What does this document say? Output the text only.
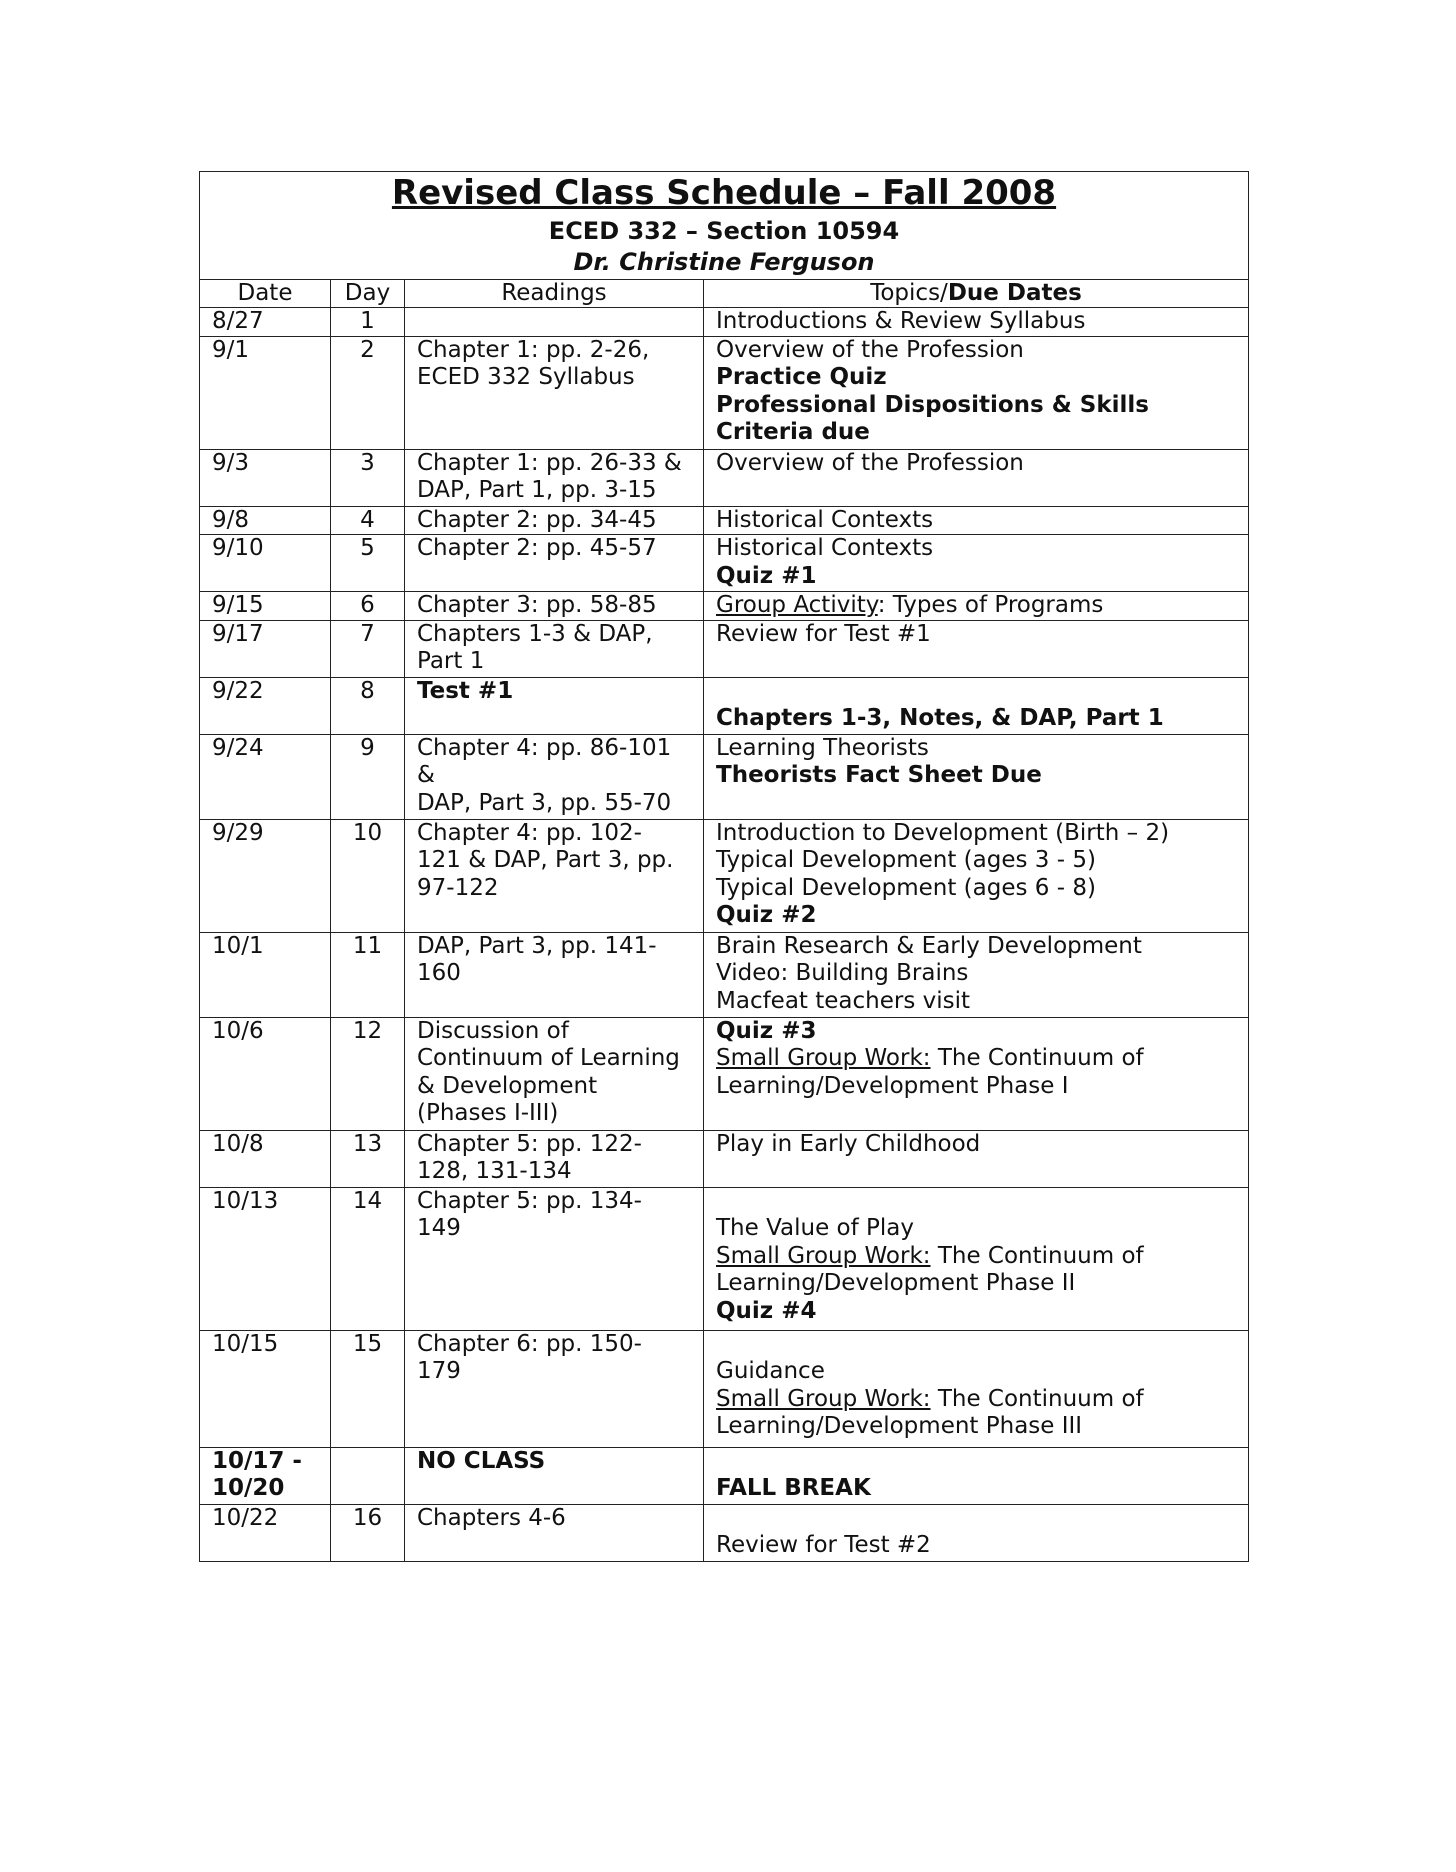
Revised Class Schedule – Fall 2008
ECED 332 – Section 10594
Dr. Christine Ferguson			

Date	Day	Readings	Topics/Due Dates

8/27	1		Introductions & Review Syllabus

9/1	2	Chapter 1: pp. 2-26,
ECED 332 Syllabus	Overview of the Profession
Practice Quiz
Professional Dispositions & Skills
Criteria due

9/3	3	Chapter 1: pp. 26-33 &
DAP, Part 1, pp. 3-15	Overview of the Profession

9/8	4	Chapter 2: pp. 34-45	Historical Contexts

9/10	5	Chapter 2: pp. 45-57	Historical Contexts
Quiz #1

9/15	6	Chapter 3: pp. 58-85	Group Activity: Types of Programs

9/17	7	Chapters 1-3 & DAP,
Part 1	Review for Test #1

9/22	8	Test #1	Chapters 1-3, Notes, & DAP, Part 1

9/24	9	Chapter 4: pp. 86-101
&
DAP, Part 3, pp. 55-70	Learning Theorists
Theorists Fact Sheet Due

9/29	10	Chapter 4: pp. 102-
121 & DAP, Part 3, pp.
97-122	Introduction to Development (Birth – 2)
Typical Development (ages 3 - 5)
Typical Development (ages 6 - 8)
Quiz #2

10/1	11	DAP, Part 3, pp. 141-
160	Brain Research & Early Development
Video: Building Brains
Macfeat teachers visit

10/6	12	Discussion of
Continuum of Learning
& Development
(Phases I-III)	Quiz #3
Small Group Work: The Continuum of
Learning/Development Phase I

10/8	13	Chapter 5: pp. 122-
128, 131-134	Play in Early Childhood

10/13	14	Chapter 5: pp. 134-
149	The Value of Play
Small Group Work: The Continuum of
Learning/Development Phase II
Quiz #4

10/15	15	Chapter 6: pp. 150-
179	Guidance
Small Group Work: The Continuum of
Learning/Development Phase III

10/17 -
10/20		NO CLASS	FALL BREAK

10/22	16	Chapters 4-6	Review for Test #2
